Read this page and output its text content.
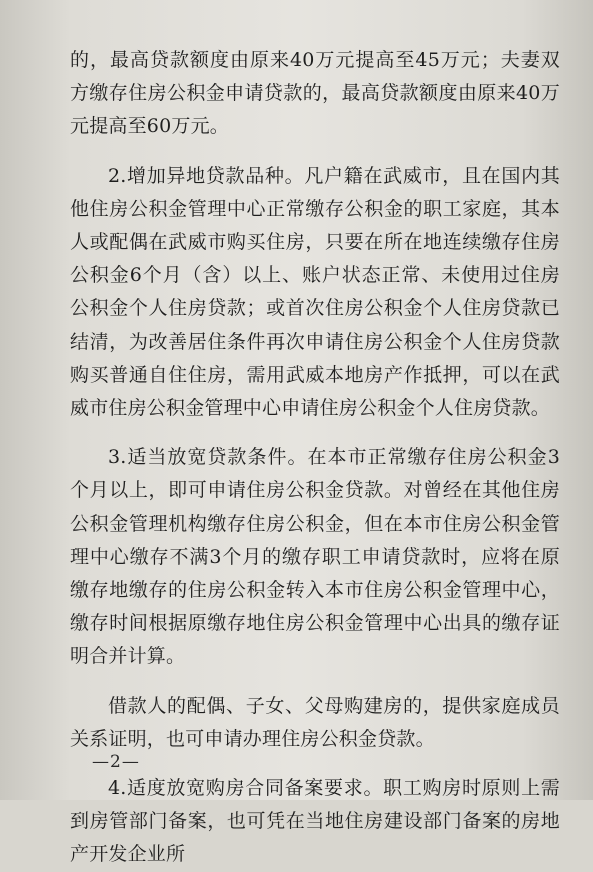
的，最高贷款额度由原来40万元提高至45万元；夫妻双方缴存住房公积金申请贷款的，最高贷款额度由原来40万元提高至60万元。

2.增加异地贷款品种。凡户籍在武威市，且在国内其他住房公积金管理中心正常缴存公积金的职工家庭，其本人或配偶在武威市购买住房，只要在所在地连续缴存住房公积金6个月（含）以上、账户状态正常、未使用过住房公积金个人住房贷款；或首次住房公积金个人住房贷款已结清，为改善居住条件再次申请住房公积金个人住房贷款购买普通自住住房，需用武威本地房产作抵押，可以在武威市住房公积金管理中心申请住房公积金个人住房贷款。

3.适当放宽贷款条件。在本市正常缴存住房公积金3个月以上，即可申请住房公积金贷款。对曾经在其他住房公积金管理机构缴存住房公积金，但在本市住房公积金管理中心缴存不满3个月的缴存职工申请贷款时，应将在原缴存地缴存的住房公积金转入本市住房公积金管理中心，缴存时间根据原缴存地住房公积金管理中心出具的缴存证明合并计算。

借款人的配偶、子女、父母购建房的，提供家庭成员关系证明，也可申请办理住房公积金贷款。

4.适度放宽购房合同备案要求。职工购房时原则上需到房管部门备案，也可凭在当地住房建设部门备案的房地产开发企业所

—2—
